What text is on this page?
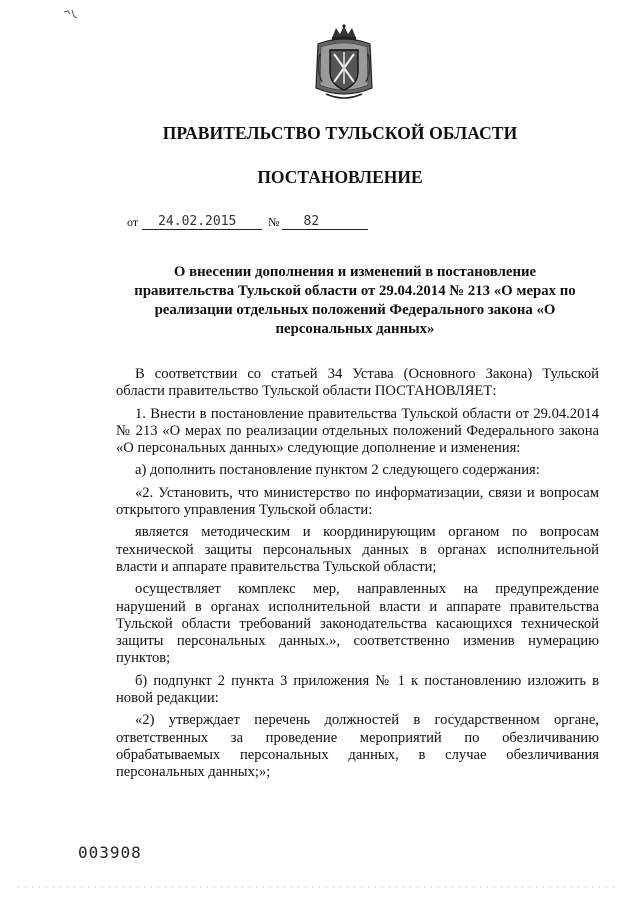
ПРАВИТЕЛЬСТВО ТУЛЬСКОЙ ОБЛАСТИ
ПОСТАНОВЛЕНИЕ
от	24.02.2015	№	82
О внесении дополнения и изменений в постановление правительства Тульской области от 29.04.2014 № 213 «О мерах по реализации отдельных положений Федерального закона «О персональных данных»

В соответствии со статьей 34 Устава (Основного Закона) Тульской области правительство Тульской области ПОСТАНОВЛЯЕТ:

1. Внести в постановление правительства Тульской области от 29.04.2014 № 213 «О мерах по реализации отдельных положений Федерального закона «О персональных данных» следующие дополнение и изменения:

а) дополнить постановление пунктом 2 следующего содержания:

«2. Установить, что министерство по информатизации, связи и вопросам открытого управления Тульской области:

является методическим и координирующим органом по вопросам технической защиты персональных данных в органах исполнительной власти и аппарате правительства Тульской области;

осуществляет комплекс мер, направленных на предупреждение нарушений в органах исполнительной власти и аппарате правительства Тульской области требований законодательства касающихся технической защиты персональных данных.», соответственно изменив нумерацию пунктов;

б) подпункт 2 пункта 3 приложения № 1 к постановлению изложить в новой редакции:

«2) утверждает перечень должностей в государственном органе, ответственных за проведение мероприятий по обезличиванию обрабатываемых персональных данных, в случае обезличивания персональных данных;»;

003908
